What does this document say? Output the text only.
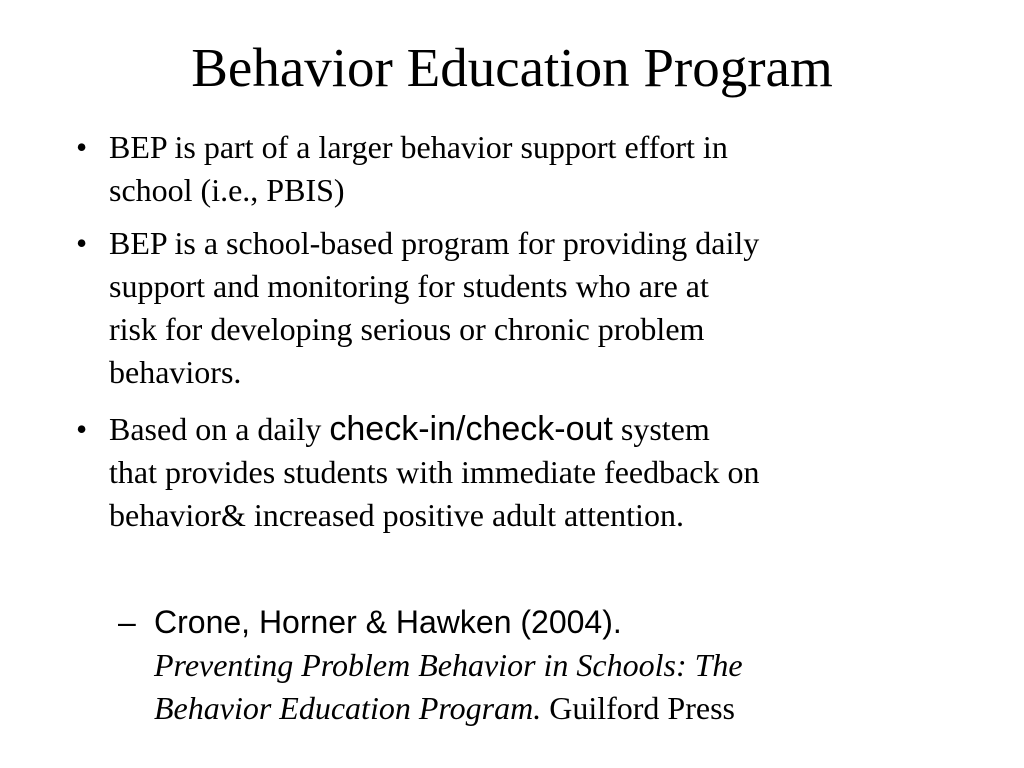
Behavior Education Program
• BEP is part of a larger behavior support effort in
school (i.e., PBIS)
• BEP is a school-based program for providing daily
support and monitoring for students who are at
risk for developing serious or chronic problem
behaviors.
• Based on a daily check-in/check-out system
that provides students with immediate feedback on
behavior& increased positive adult attention.
– Crone, Horner & Hawken (2004).
Preventing Problem Behavior in Schools: The
Behavior Education Program. Guilford Press
